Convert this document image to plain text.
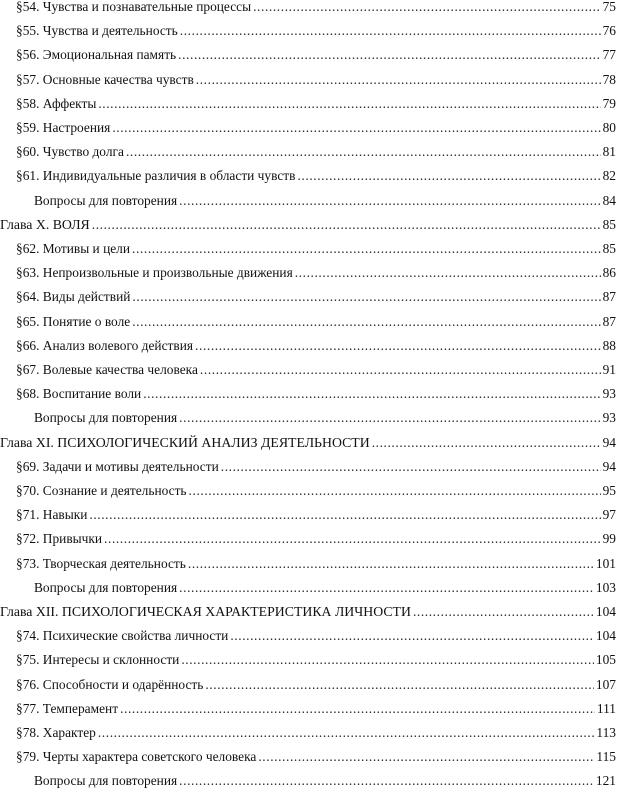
§54. Чувства и познавательные процессы .....	75
§55. Чувства и деятельность .....	76
§56. Эмоциональная память .....	77
§57. Основные качества чувств .....	78
§58. Аффекты .....	79
§59. Настроения .....	80
§60. Чувство долга .....	81
§61. Индивидуальные различия в области чувств .....	82
Вопросы для повторения .....	84
Глава X. ВОЛЯ .....	85
§62. Мотивы и цели .....	85
§63. Непроизвольные и произвольные движения .....	86
§64. Виды действий .....	87
§65. Понятие о воле .....	87
§66. Анализ волевого действия .....	88
§67. Волевые качества человека .....	91
§68. Воспитание воли .....	93
Вопросы для повторения .....	93
Глава XI. ПСИХОЛОГИЧЕСКИЙ АНАЛИЗ ДЕЯТЕЛЬНОСТИ .....	94
§69. Задачи и мотивы деятельности .....	94
§70. Сознание и деятельность .....	95
§71. Навыки .....	97
§72. Привычки .....	99
§73. Творческая деятельность .....	101
Вопросы для повторения .....	103
Глава XII. ПСИХОЛОГИЧЕСКАЯ ХАРАКТЕРИСТИКА ЛИЧНОСТИ .....	104
§74. Психические свойства личности .....	104
§75. Интересы и склонности .....	105
§76. Способности и одарённость .....	107
§77. Темперамент .....	111
§78. Характер .....	113
§79. Черты характера советского человека .....	115
Вопросы для повторения .....	121
